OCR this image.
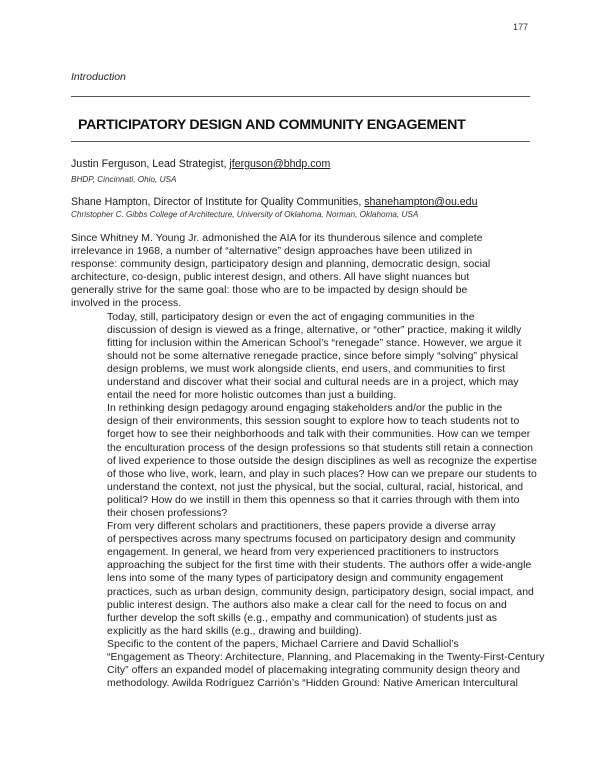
177
Introduction
PARTICIPATORY DESIGN AND COMMUNITY ENGAGEMENT
Justin Ferguson, Lead Strategist, jferguson@bhdp.com
BHDP, Cincinnati, Ohio, USA
Shane Hampton, Director of Institute for Quality Communities, shanehampton@ou.edu
Christopher C. Gibbs College of Architecture, University of Oklahoma, Norman, Oklahoma, USA

Since Whitney M. Young Jr. admonished the AIA for its thunderous silence and complete
irrelevance in 1968, a number of “alternative” design approaches have been utilized in
response: community design, participatory design and planning, democratic design, social
architecture, co-design, public interest design, and others. All have slight nuances but
generally strive for the same goal: those who are to be impacted by design should be
involved in the process.

Today, still, participatory design or even the act of engaging communities in the
discussion of design is viewed as a fringe, alternative, or “other” practice, making it wildly
fitting for inclusion within the American School’s “renegade” stance. However, we argue it
should not be some alternative renegade practice, since before simply “solving” physical
design problems, we must work alongside clients, end users, and communities to first
understand and discover what their social and cultural needs are in a project, which may
entail the need for more holistic outcomes than just a building.

In rethinking design pedagogy around engaging stakeholders and/or the public in the
design of their environments, this session sought to explore how to teach students not to
forget how to see their neighborhoods and talk with their communities. How can we temper
the enculturation process of the design professions so that students still retain a connection
of lived experience to those outside the design disciplines as well as recognize the expertise
of those who live, work, learn, and play in such places? How can we prepare our students to
understand the context, not just the physical, but the social, cultural, racial, historical, and
political? How do we instill in them this openness so that it carries through with them into
their chosen professions?

From very different scholars and practitioners, these papers provide a diverse array
of perspectives across many spectrums focused on participatory design and community
engagement. In general, we heard from very experienced practitioners to instructors
approaching the subject for the first time with their students. The authors offer a wide-angle
lens into some of the many types of participatory design and community engagement
practices, such as urban design, community design, participatory design, social impact, and
public interest design. The authors also make a clear call for the need to focus on and
further develop the soft skills (e.g., empathy and communication) of students just as
explicitly as the hard skills (e.g., drawing and building).

Specific to the content of the papers, Michael Carriere and David Schalliol’s
“Engagement as Theory: Architecture, Planning, and Placemaking in the Twenty-First-Century
City” offers an expanded model of placemaking integrating community design theory and
methodology. Awilda Rodríguez Carrión’s “Hidden Ground: Native American Intercultural
